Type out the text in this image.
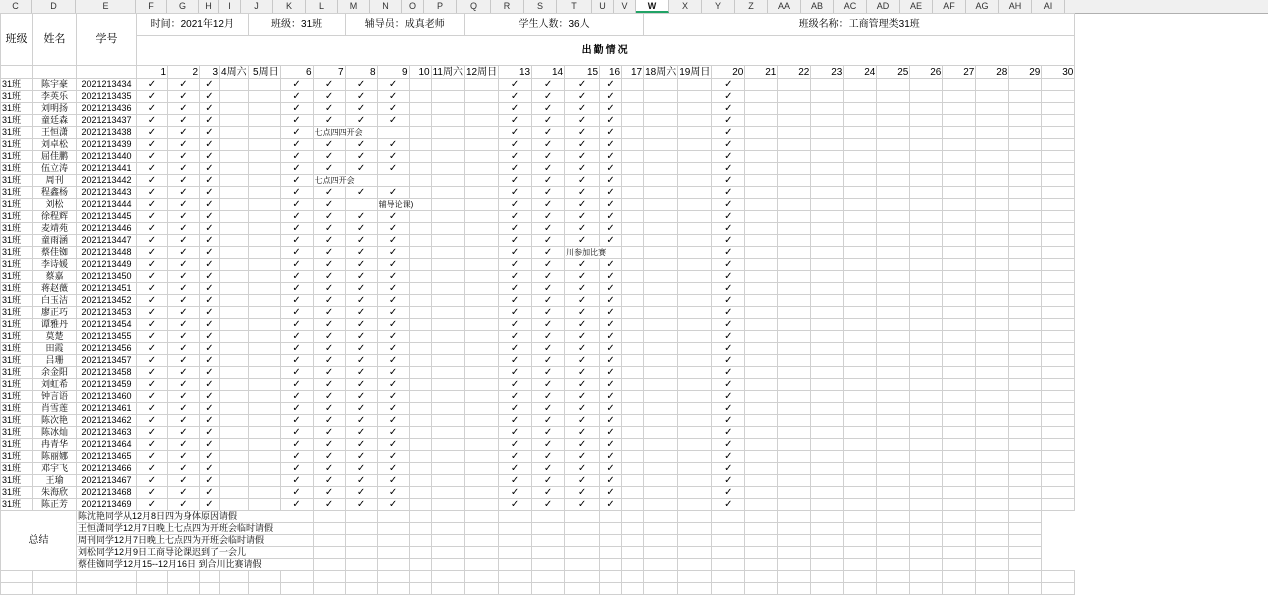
C	D	E	F	G	H	I	J	K	L	M	N	O	P	Q	R	S	T	U	V	W	X	Y	Z	AA	AB	AC	AD	AE	AF	AG	AH	AI
班级	姓名	学号	时间：2021年12月				班级：31班			辅导员：成真老师				学生人数：36人						班级名称：工商管理类31班												
			出勤情况																													
			1	2	3	4周六	5周日	6	7	8	9	10	11周六	12周日	13	14	15	16	17	18周六	19周日	20	21	22	23	24	25	26	27	28	29	30
31班	陈宇豪	2021213434	✓	✓	✓			✓	✓	✓	✓				✓	✓	✓	✓				✓										
31班	李英乐	2021213435	✓	✓	✓			✓	✓	✓	✓				✓	✓	✓	✓				✓										
31班	刘明扬	2021213436	✓	✓	✓			✓	✓	✓	✓				✓	✓	✓	✓				✓										
31班	童廷森	2021213437	✓	✓	✓			✓	✓	✓	✓				✓	✓	✓	✓				✓										
31班	王恒潇	2021213438	✓	✓	✓			✓	七点四四开会						✓	✓	✓	✓				✓										
31班	刘卓松	2021213439	✓	✓	✓			✓	✓	✓	✓				✓	✓	✓	✓				✓										
31班	屈佳鹏	2021213440	✓	✓	✓			✓	✓	✓	✓				✓	✓	✓	✓				✓										
31班	伍立涛	2021213441	✓	✓	✓			✓	✓	✓	✓				✓	✓	✓	✓				✓										
31班	周刊	2021213442	✓	✓	✓			✓	七点四开会						✓	✓	✓	✓				✓										
31班	程鑫杨	2021213443	✓	✓	✓			✓	✓	✓	✓				✓	✓	✓	✓				✓										
31班	刘松	2021213444	✓	✓	✓			✓	✓		辅导论课)				✓	✓	✓	✓				✓										
31班	徐程辉	2021213445	✓	✓	✓			✓	✓	✓	✓				✓	✓	✓	✓				✓										
31班	麦靖苑	2021213446	✓	✓	✓			✓	✓	✓	✓				✓	✓	✓	✓				✓										
31班	童雨涵	2021213447	✓	✓	✓			✓	✓	✓	✓				✓	✓	✓	✓				✓										
31班	蔡佳铷	2021213448	✓	✓	✓			✓	✓	✓	✓				✓	✓	川参加比赛					✓										
31班	李诗媛	2021213449	✓	✓	✓			✓	✓	✓	✓				✓	✓	✓	✓				✓										
31班	蔡嘉	2021213450	✓	✓	✓			✓	✓	✓	✓				✓	✓	✓	✓				✓										
31班	蒋赵薇	2021213451	✓	✓	✓			✓	✓	✓	✓				✓	✓	✓	✓				✓										
31班	白玉洁	2021213452	✓	✓	✓			✓	✓	✓	✓				✓	✓	✓	✓				✓										
31班	廖正巧	2021213453	✓	✓	✓			✓	✓	✓	✓				✓	✓	✓	✓				✓										
31班	谭雅丹	2021213454	✓	✓	✓			✓	✓	✓	✓				✓	✓	✓	✓				✓										
31班	莫楚	2021213455	✓	✓	✓			✓	✓	✓	✓				✓	✓	✓	✓				✓										
31班	田霞	2021213456	✓	✓	✓			✓	✓	✓	✓				✓	✓	✓	✓				✓										
31班	吕珊	2021213457	✓	✓	✓			✓	✓	✓	✓				✓	✓	✓	✓				✓										
31班	余金阳	2021213458	✓	✓	✓			✓	✓	✓	✓				✓	✓	✓	✓				✓										
31班	刘虹希	2021213459	✓	✓	✓			✓	✓	✓	✓				✓	✓	✓	✓				✓										
31班	钟言语	2021213460	✓	✓	✓			✓	✓	✓	✓				✓	✓	✓	✓				✓										
31班	肖雪莲	2021213461	✓	✓	✓			✓	✓	✓	✓				✓	✓	✓	✓				✓										
31班	陈次艳	2021213462	✓	✓	✓			✓	✓	✓	✓				✓	✓	✓	✓				✓										
31班	陈冰灿	2021213463	✓	✓	✓			✓	✓	✓	✓				✓	✓	✓	✓				✓										
31班	冉青华	2021213464	✓	✓	✓			✓	✓	✓	✓				✓	✓	✓	✓				✓										
31班	陈丽娜	2021213465	✓	✓	✓			✓	✓	✓	✓				✓	✓	✓	✓				✓										
31班	邓宇飞	2021213466	✓	✓	✓			✓	✓	✓	✓				✓	✓	✓	✓				✓										
31班	王瑜	2021213467	✓	✓	✓			✓	✓	✓	✓				✓	✓	✓	✓				✓										
31班	朱海欣	2021213468	✓	✓	✓			✓	✓	✓	✓				✓	✓	✓	✓				✓										
31班	陈正芳	2021213469	✓	✓	✓			✓	✓	✓	✓				✓	✓	✓	✓				✓										
总结		陈沈艳同学从12月8日四为身体原因请假																														
		王恒潇同学12月7日晚上七点四为开班会临时请假																														
		周刊同学12月7日晚上七点四为开班会临时请假																														
		刘松同学12月9日工商导论课迟到了一会儿																														
		蔡佳铷同学12月15--12月16日 到合川比赛请假																														
